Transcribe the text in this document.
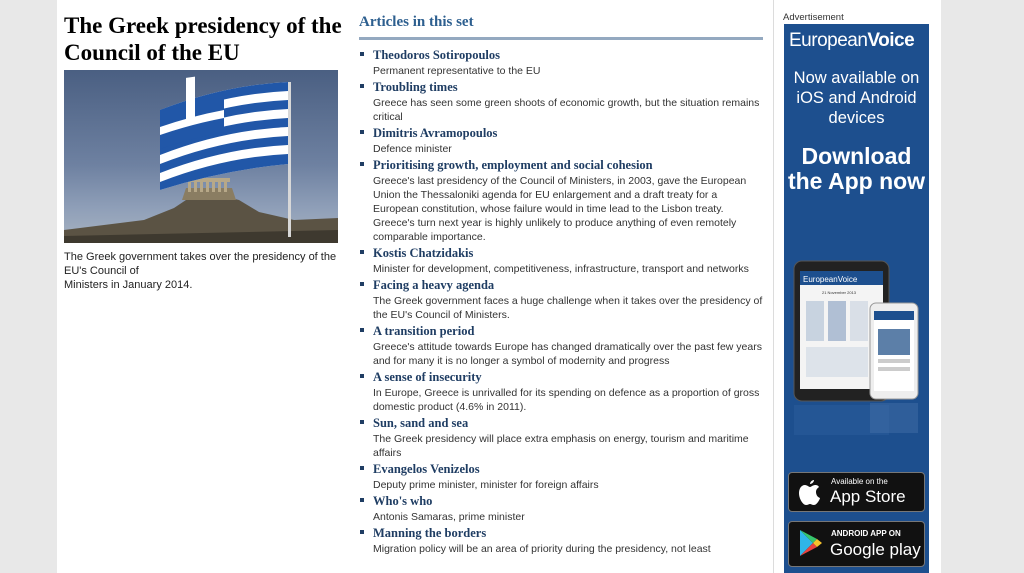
The Greek presidency of the Council of the EU
The Greek government takes over the presidency of the EU's Council of
Ministers in January 2014.
Articles in this set
Theodoros Sotiropoulos
Permanent representative to the EU
Troubling times
Greece has seen some green shoots of economic growth, but the situation remains critical
Dimitris Avramopoulos
Defence minister
Prioritising growth, employment and social cohesion
Greece's last presidency of the Council of Ministers, in 2003, gave the European Union the Thessaloniki agenda for EU enlargement and a draft treaty for a European constitution, whose failure would in time lead to the Lisbon treaty. Greece's turn next year is highly unlikely to produce anything of even remotely comparable importance.
Kostis Chatzidakis
Minister for development, competitiveness, infrastructure, transport and networks
Facing a heavy agenda
The Greek government faces a huge challenge when it takes over the presidency of the EU's Council of Ministers.
A transition period
Greece's attitude towards Europe has changed dramatically over the past few years and for many it is no longer a symbol of modernity and progress
A sense of insecurity
In Europe, Greece is unrivalled for its spending on defence as a proportion of gross domestic product (4.6% in 2011).
Sun, sand and sea
The Greek presidency will place extra emphasis on energy, tourism and maritime affairs
Evangelos Venizelos
Deputy prime minister, minister for foreign affairs
Who's who
Antonis Samaras, prime minister
Manning the borders
Migration policy will be an area of priority during the presidency, not least
Advertisement
EuropeanVoice
Now available on iOS and Android devices
Download the App now
EuropeanVoice
21 November 2013
Available on the
App Store
ANDROID APP ON
Google play
